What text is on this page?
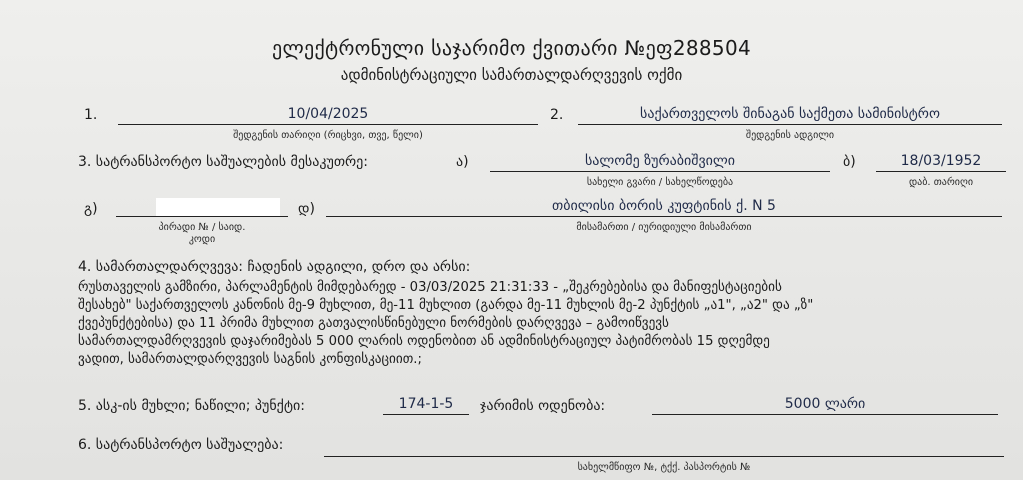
ელექტრონული საჯარიმო ქვითარი №ეფ288504
ადმინისტრაციული სამართალდარღვევის ოქმი
1.	10/04/2025
შედგენის თარიღი (რიცხვი, თვე, წელი)
2.	საქართველოს შინაგან საქმეთა სამინისტრო
შედგენის ადგილი
3. სატრანსპორტო საშუალების მესაკუთრე:	ა)	სალომე ზურაბიშვილი
სახელი გვარი / სახელწოდება
ბ)	18/03/1952
დაბ. თარიღი
გ)
პირადი № / საიდ.
კოდი
დ)	თბილისი ბორის კუფტინის ქ. N 5
მისამართი / იურიდიული მისამართი
4. სამართალდარღვევა: ჩადენის ადგილი, დრო და არსი:
რუსთაველის გამზირი, პარლამენტის მიმდებარედ - 03/03/2025 21:31:33 - „შეკრებებისა და მანიფესტაციების
შესახებ" საქართველოს კანონის მე-9 მუხლით, მე-11 მუხლით (გარდა მე-11 მუხლის მე-2 პუნქტის „ა1", „ა2" და „ზ"
ქვეპუნქტებისა) და 11 პრიმა მუხლით გათვალისწინებული ნორმების დარღვევა – გამოიწვევს
სამართალდამრღვევის დაჯარიმებას 5 000 ლარის ოდენობით ან ადმინისტრაციულ პატიმრობას 15 დღემდე
ვადით, სამართალდარღვევის საგნის კონფისკაციით.;
5. ასკ-ის მუხლი; ნაწილი; პუნქტი:	174-1-5	ჯარიმის ოდენობა:	5000 ლარი
6. სატრანსპორტო საშუალება:
სახელმწიფო №, ტქქ. პასპორტის №
